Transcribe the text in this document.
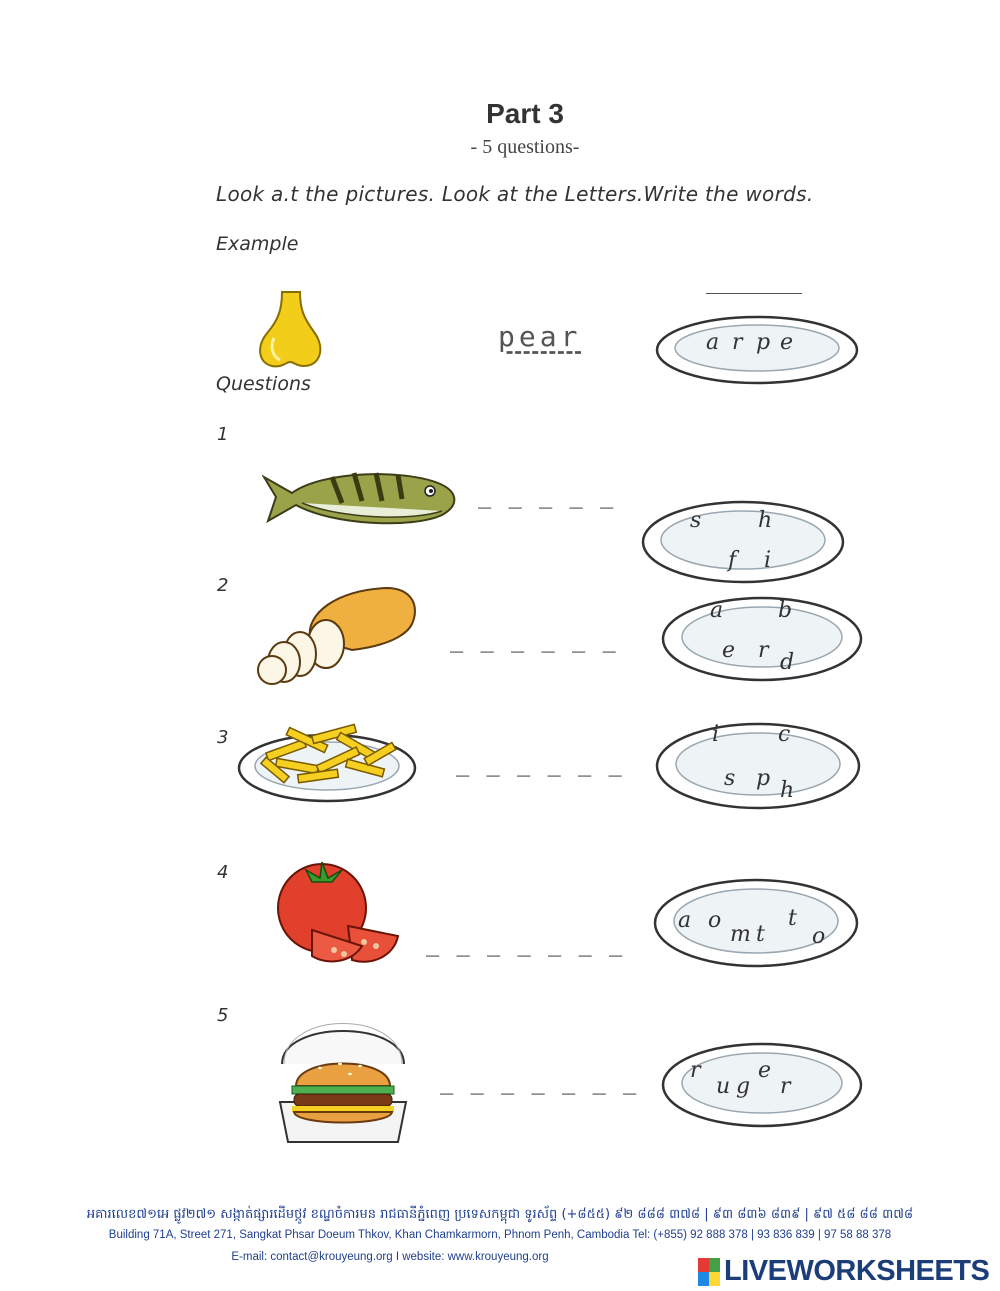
Part 3
- 5 questions-
Look a.t the pictures. Look at the Letters.Write the words.
Example
pear	a r p e
Questions
1
_ _ _ _ _
s	h
f i
2
_ _ _ _ _ _
a b
e r d
3
_ _ _ _ _ _
i	c
s p h
4
_ _ _ _ _ _ _
a o
m t
t
o
5
_ _ _ _ _ _ _ r
u g
e
r
អគារលេខ៧១អេ ផ្លូវ២៧១ សង្កាត់ផ្សារដើមថ្កូវ ខណ្ឌចំការមន រាជធានីភ្នំពេញ ប្រទេសកម្ពុជា ទូរស័ព្ទ (+៨៥៥) ៩២ ៨៨៨ ៣៧៨ | ៩៣ ៨៣៦ ៨៣៩ | ៩៧ ៥៨ ៨៨ ៣៧៨
Building 71A, Street 271, Sangkat Phsar Doeum Thkov, Khan Chamkarmorn, Phnom Penh, Cambodia Tel: (+855) 92 888 378 | 93 836 839 | 97 58 88 378
E-mail: contact@krouyeung.org I website: www.krouyeung.org	LIVEWORKSHEETS
